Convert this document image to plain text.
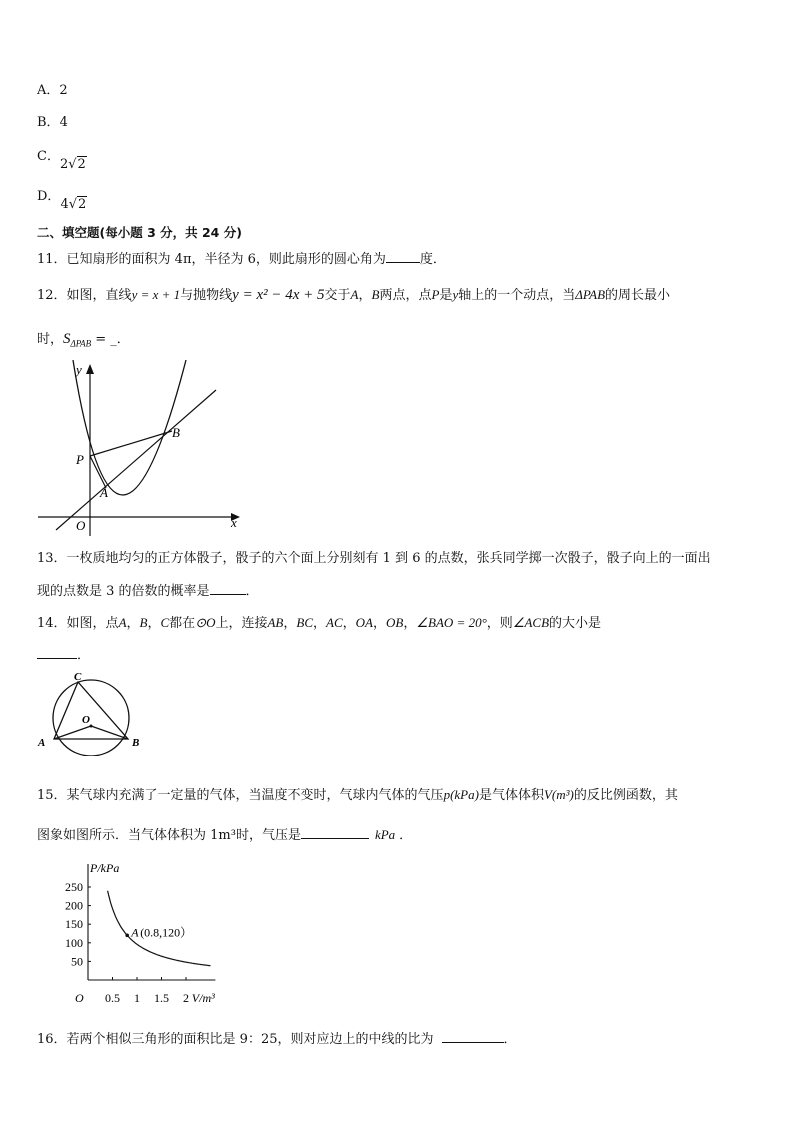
A．2
B．4
C．2√2
D．4√2
二、填空题(每小题 3 分，共 24 分)
11．已知扇形的面积为 4π，半径为 6，则此扇形的圆心角为	度．
12．如图，直线y = x + 1与抛物线y = x² − 4x + 5交于A，B两点，点P是y轴上的一个动点，当ΔPAB的周长最小
时，$S_{\Delta PAB}$ = _．
y
x
O
P
A
B
13．一枚质地均匀的正方体骰子，骰子的六个面上分别刻有 1 到 6 的点数，张兵同学掷一次骰子，骰子向上的一面出
现的点数是 3 的倍数的概率是	．
14．如图，点A，B，C都在⊙O上，连接AB，BC，AC，OA，OB，∠BAO = 20°，则∠ACB的大小是
．
C
O
A	B
15．某气球内充满了一定量的气体，当温度不变时，气球内气体的气压p(kPa)是气体体积V(m³)的反比例函数，其
图象如图所示．当气体体积为 1m³时，气压是	kPa ．
0.5 1 1.5 2
50
100
150
200
250
O
P/kPa
V/m³
A (0.8,120）
16．若两个相似三角形的面积比是 9：25，则对应边上的中线的比为	．
